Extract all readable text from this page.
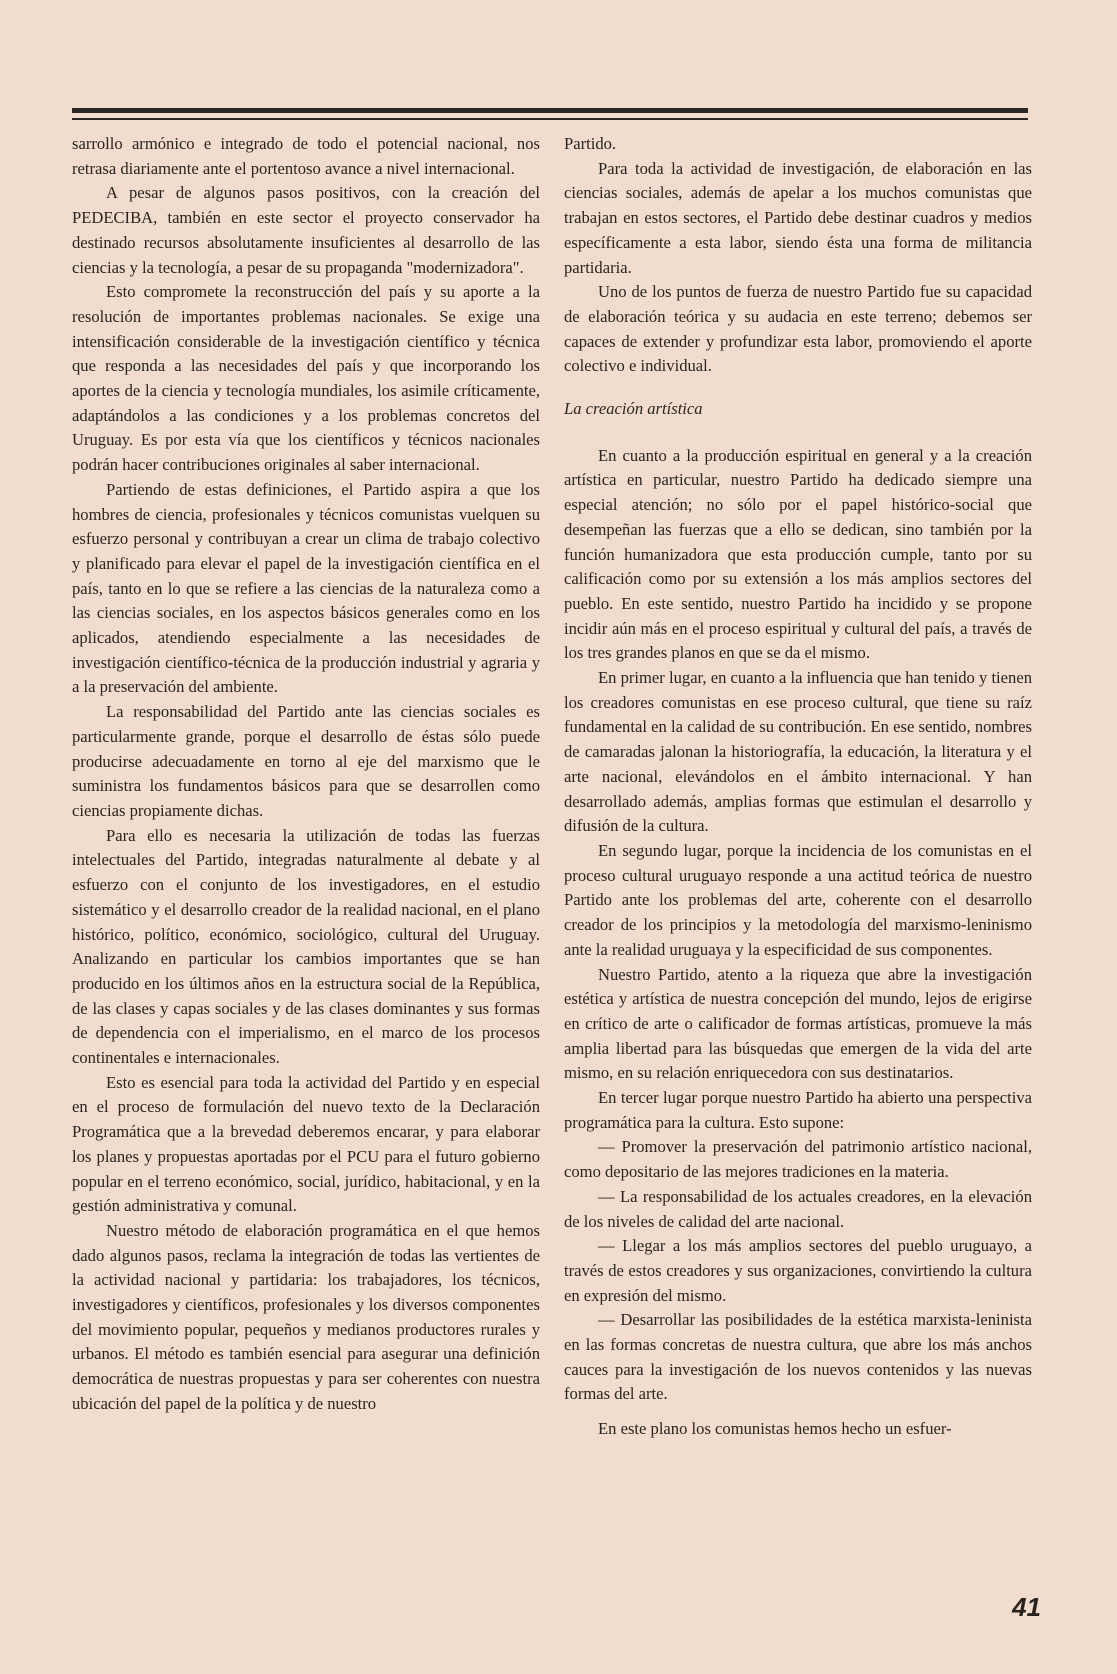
sarrollo armónico e integrado de todo el potencial nacional, nos retrasa diariamente ante el portentoso avance a nivel internacional.

A pesar de algunos pasos positivos, con la creación del PEDECIBA, también en este sector el proyecto conservador ha destinado recursos absolutamente insuficientes al desarrollo de las ciencias y la tecnología, a pesar de su propaganda "modernizadora".

Esto compromete la reconstrucción del país y su aporte a la resolución de importantes problemas nacionales. Se exige una intensificación considerable de la investigación científico y técnica que responda a las necesidades del país y que incorporando los aportes de la ciencia y tecnología mundiales, los asimile críticamente, adaptándolos a las condiciones y a los problemas concretos del Uruguay. Es por esta vía que los científicos y técnicos nacionales podrán hacer contribuciones originales al saber internacional.

Partiendo de estas definiciones, el Partido aspira a que los hombres de ciencia, profesionales y técnicos comunistas vuelquen su esfuerzo personal y contribuyan a crear un clima de trabajo colectivo y planificado para elevar el papel de la investigación científica en el país, tanto en lo que se refiere a las ciencias de la naturaleza como a las ciencias sociales, en los aspectos básicos generales como en los aplicados, atendiendo especialmente a las necesidades de investigación científico-técnica de la producción industrial y agraria y a la preservación del ambiente.

La responsabilidad del Partido ante las ciencias sociales es particularmente grande, porque el desarrollo de éstas sólo puede producirse adecuadamente en torno al eje del marxismo que le suministra los fundamentos básicos para que se desarrollen como ciencias propiamente dichas.

Para ello es necesaria la utilización de todas las fuerzas intelectuales del Partido, integradas naturalmente al debate y al esfuerzo con el conjunto de los investigadores, en el estudio sistemático y el desarrollo creador de la realidad nacional, en el plano histórico, político, económico, sociológico, cultural del Uruguay. Analizando en particular los cambios importantes que se han producido en los últimos años en la estructura social de la República, de las clases y capas sociales y de las clases dominantes y sus formas de dependencia con el imperialismo, en el marco de los procesos continentales e internacionales.

Esto es esencial para toda la actividad del Partido y en especial en el proceso de formulación del nuevo texto de la Declaración Programática que a la brevedad deberemos encarar, y para elaborar los planes y propuestas aportadas por el PCU para el futuro gobierno popular en el terreno económico, social, jurídico, habitacional, y en la gestión administrativa y comunal.

Nuestro método de elaboración programática en el que hemos dado algunos pasos, reclama la integración de todas las vertientes de la actividad nacional y partidaria: los trabajadores, los técnicos, investigadores y científicos, profesionales y los diversos componentes del movimiento popular, pequeños y medianos productores rurales y urbanos. El método es también esencial para asegurar una definición democrática de nuestras propuestas y para ser coherentes con nuestra ubicación del papel de la política y de nuestro

Partido.

Para toda la actividad de investigación, de elaboración en las ciencias sociales, además de apelar a los muchos comunistas que trabajan en estos sectores, el Partido debe destinar cuadros y medios específicamente a esta labor, siendo ésta una forma de militancia partidaria.

Uno de los puntos de fuerza de nuestro Partido fue su capacidad de elaboración teórica y su audacia en este terreno; debemos ser capaces de extender y profundizar esta labor, promoviendo el aporte colectivo e individual.

La creación artística

En cuanto a la producción espiritual en general y a la creación artística en particular, nuestro Partido ha dedicado siempre una especial atención; no sólo por el papel histórico-social que desempeñan las fuerzas que a ello se dedican, sino también por la función humanizadora que esta producción cumple, tanto por su calificación como por su extensión a los más amplios sectores del pueblo. En este sentido, nuestro Partido ha incidido y se propone incidir aún más en el proceso espiritual y cultural del país, a través de los tres grandes planos en que se da el mismo.

En primer lugar, en cuanto a la influencia que han tenido y tienen los creadores comunistas en ese proceso cultural, que tiene su raíz fundamental en la calidad de su contribución. En ese sentido, nombres de camaradas jalonan la historiografía, la educación, la literatura y el arte nacional, elevándolos en el ámbito internacional. Y han desarrollado además, amplias formas que estimulan el desarrollo y difusión de la cultura.

En segundo lugar, porque la incidencia de los comunistas en el proceso cultural uruguayo responde a una actitud teórica de nuestro Partido ante los problemas del arte, coherente con el desarrollo creador de los principios y la metodología del marxismo-leninismo ante la realidad uruguaya y la especificidad de sus componentes.

Nuestro Partido, atento a la riqueza que abre la investigación estética y artística de nuestra concepción del mundo, lejos de erigirse en crítico de arte o calificador de formas artísticas, promueve la más amplia libertad para las búsquedas que emergen de la vida del arte mismo, en su relación enriquecedora con sus destinatarios.

En tercer lugar porque nuestro Partido ha abierto una perspectiva programática para la cultura. Esto supone:

— Promover la preservación del patrimonio artístico nacional, como depositario de las mejores tradiciones en la materia.

— La responsabilidad de los actuales creadores, en la elevación de los niveles de calidad del arte nacional.

— Llegar a los más amplios sectores del pueblo uruguayo, a través de estos creadores y sus organizaciones, convirtiendo la cultura en expresión del mismo.

— Desarrollar las posibilidades de la estética marxista-leninista en las formas concretas de nuestra cultura, que abre los más anchos cauces para la investigación de los nuevos contenidos y las nuevas formas del arte.

En este plano los comunistas hemos hecho un esfuer-

41
